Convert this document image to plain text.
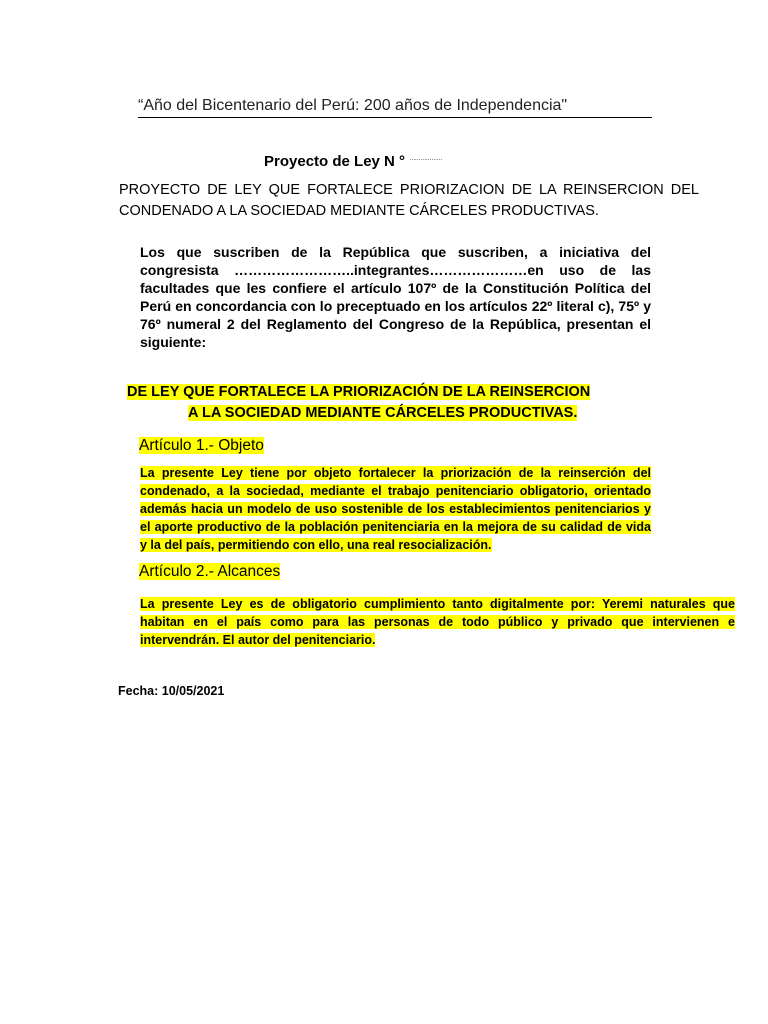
“Año del Bicentenario del Perú: 200 años de Independencia"
Proyecto de Ley N ° ………………
PROYECTO DE LEY QUE FORTALECE PRIORIZACION DE LA REINSERCION DEL
CONDENADO A LA SOCIEDAD MEDIANTE CÁRCELES PRODUCTIVAS.
Los que suscriben de la República que suscriben, a iniciativa del congresista ……………………..integrantes…………………en uso de las facultades que les confiere el artículo 107º de la Constitución Política del Perú en concordancia con lo preceptuado en los artículos 22º literal c), 75º y 76º numeral 2 del Reglamento del Congreso de la República, presentan el siguiente:
DE LEY QUE FORTALECE LA PRIORIZACIÓN DE LA REINSERCION
A LA SOCIEDAD MEDIANTE CÁRCELES PRODUCTIVAS.
Artículo 1.- Objeto
La presente Ley tiene por objeto fortalecer la priorización de la reinserción del condenado, a la sociedad, mediante el trabajo penitenciario obligatorio, orientado además hacia un modelo de uso sostenible de los establecimientos penitenciarios y el aporte productivo de la población penitenciaria en la mejora de su calidad de vida y la del país, permitiendo con ello, una real resocialización.
Artículo 2.- Alcances
La presente Ley es de obligatorio cumplimiento tanto digitalmente por: Yeremi naturales que habitan en el país como para las personas de todo público y privado que intervienen e intervendrán. El autor del penitenciario.
Fecha: 10/05/2021
